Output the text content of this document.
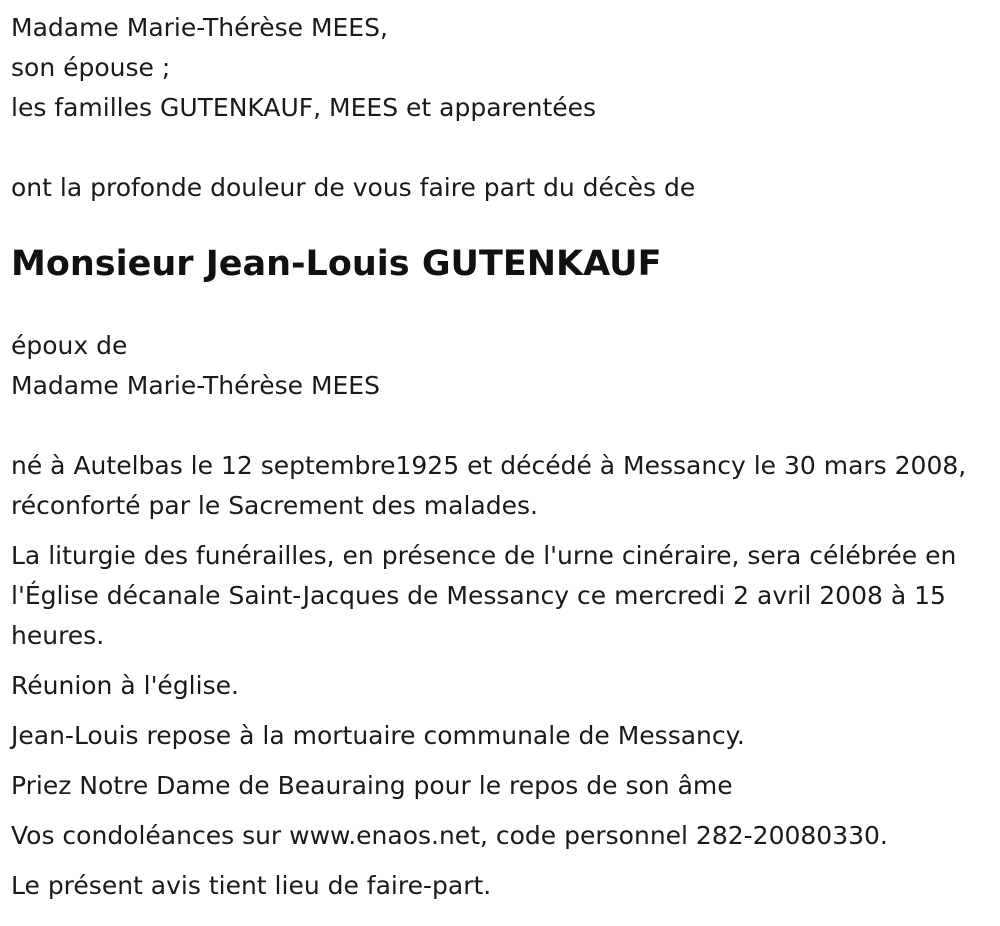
Madame Marie-Thérèse MEES,

son épouse ;

les familles GUTENKAUF, MEES et apparentées

ont la profonde douleur de vous faire part du décès de

Monsieur Jean-Louis GUTENKAUF

époux de

Madame Marie-Thérèse MEES

né à Autelbas le 12 septembre1925 et décédé à Messancy le 30 mars 2008, réconforté par le Sacrement des malades.

La liturgie des funérailles, en présence de l'urne cinéraire, sera célébrée en l'Église décanale Saint-Jacques de Messancy ce mercredi 2 avril 2008 à 15 heures.

Réunion à l'église.

Jean-Louis repose à la mortuaire communale de Messancy.

Priez Notre Dame de Beauraing pour le repos de son âme

Vos condoléances sur www.enaos.net, code personnel 282-20080330.

Le présent avis tient lieu de faire-part.
